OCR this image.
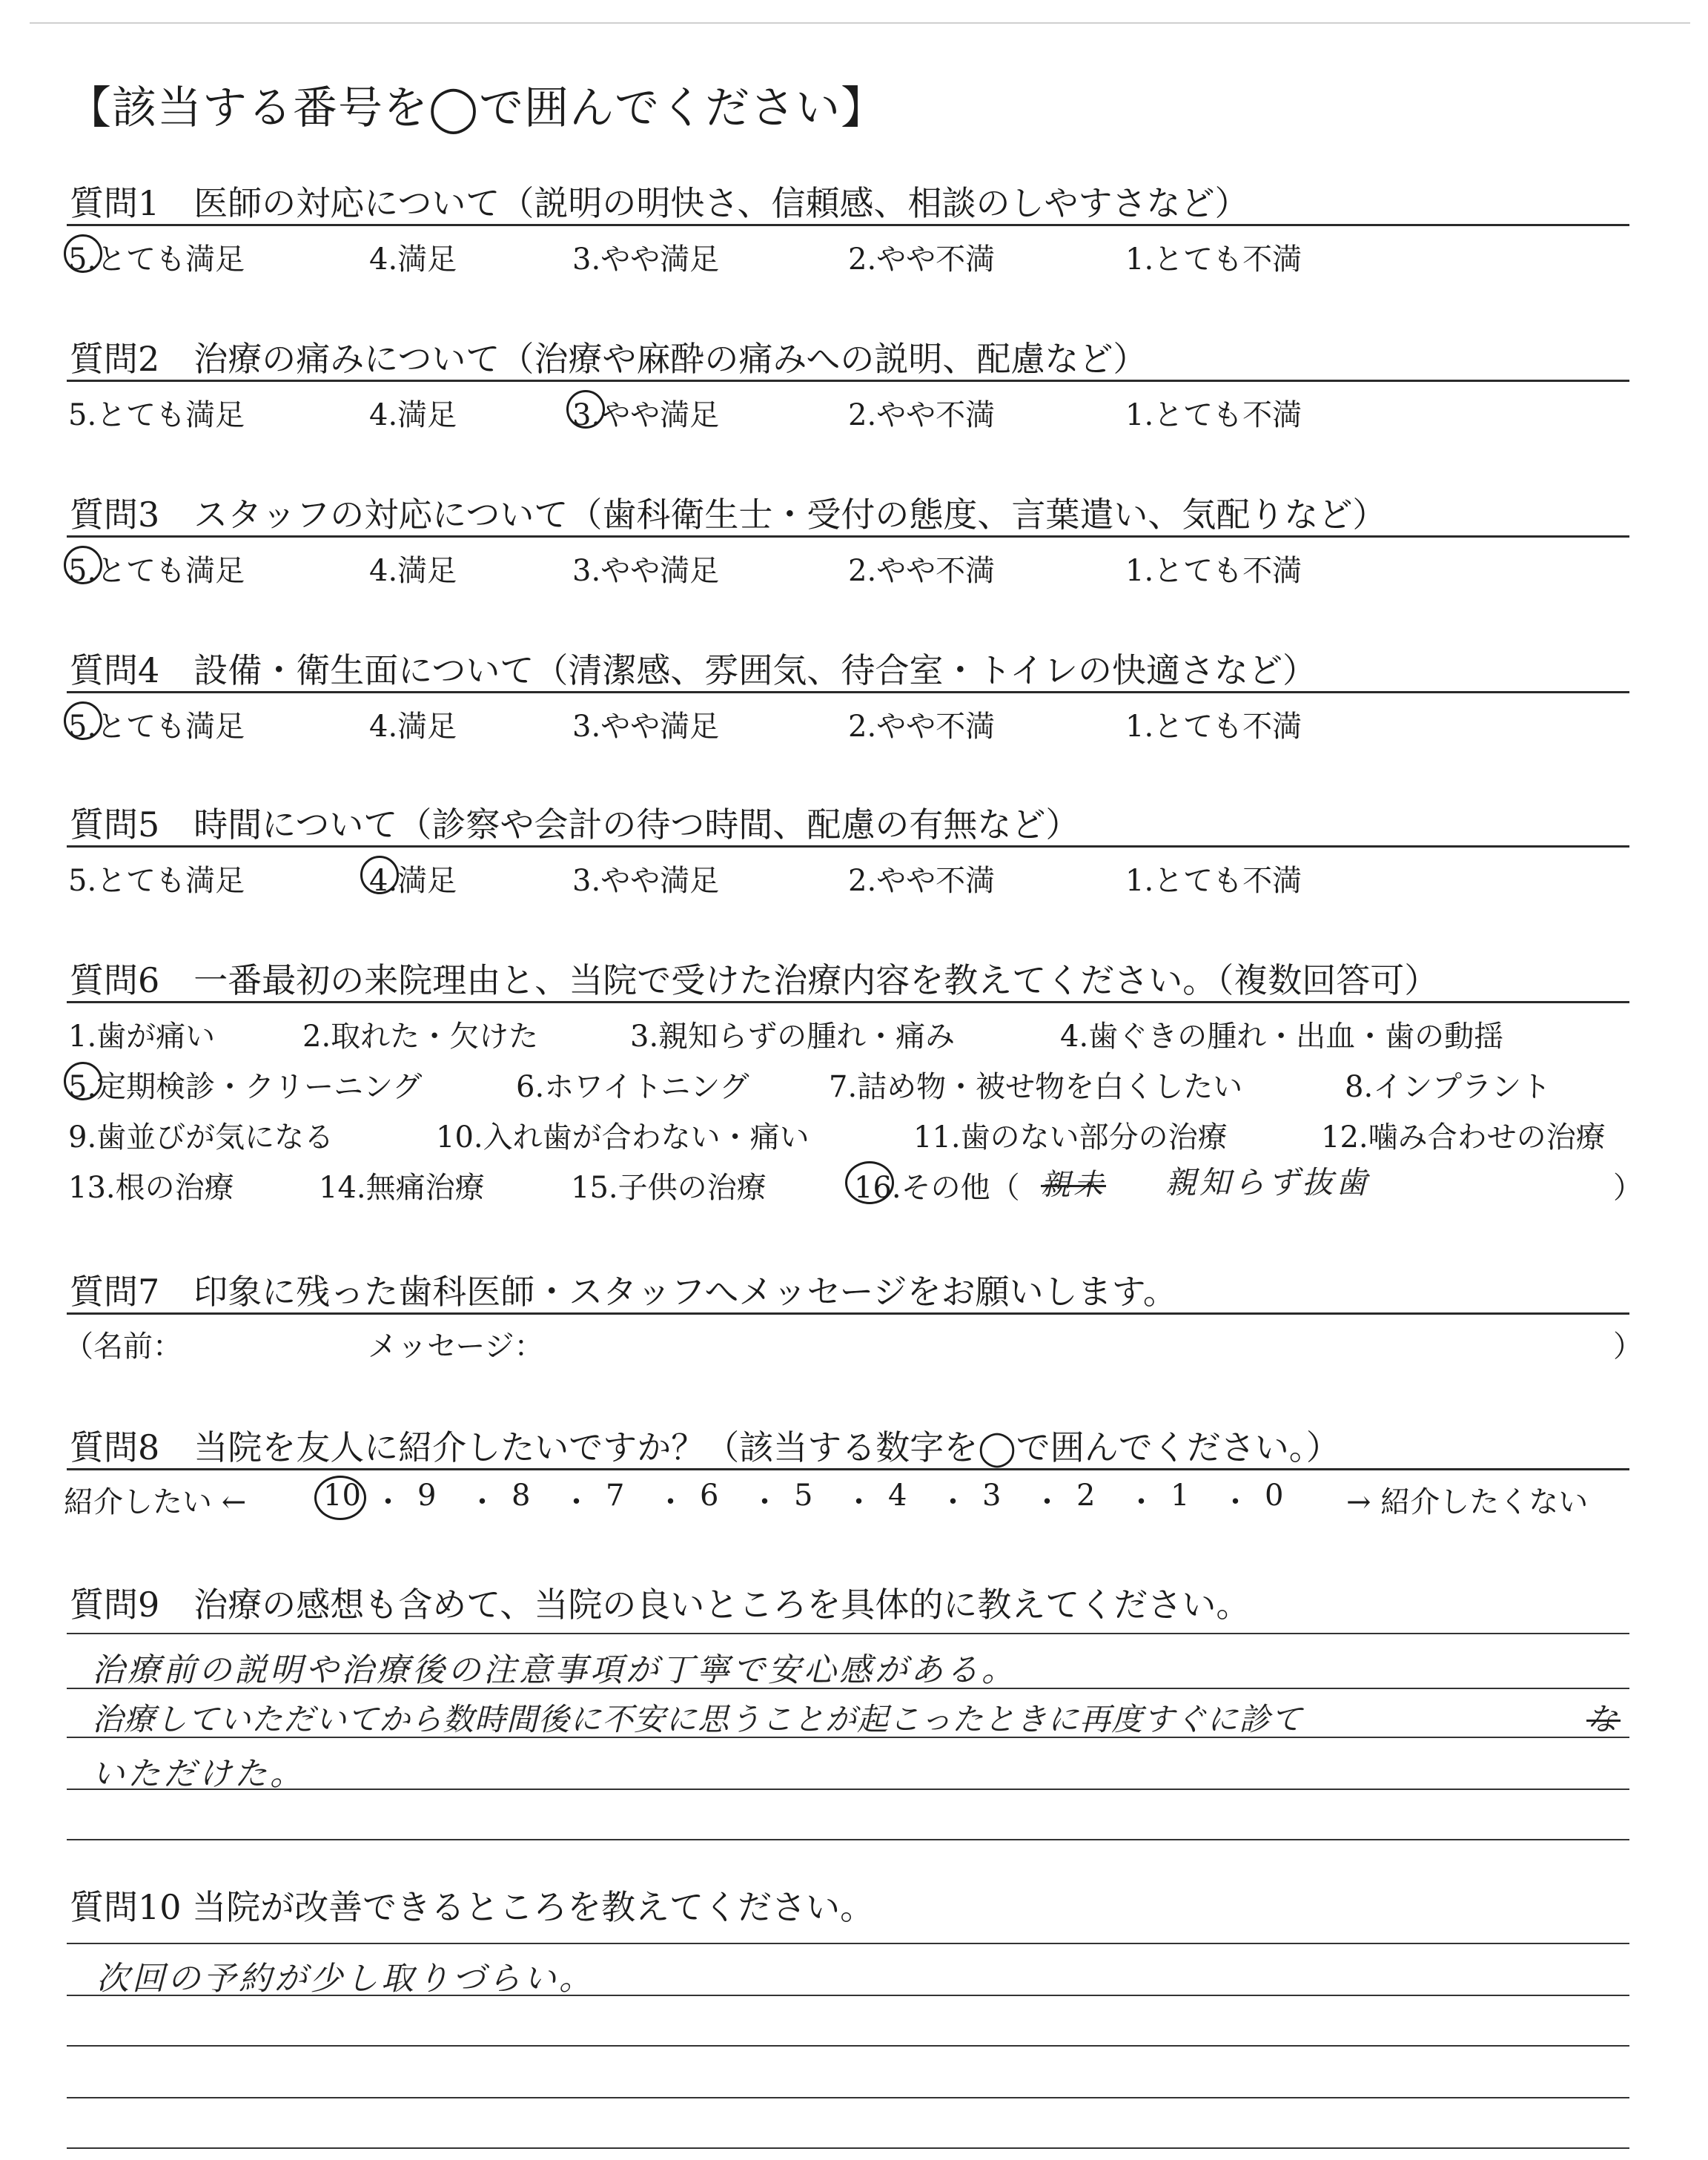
【該当する番号を◯で囲んでください】
質問1　医師の対応について（説明の明快さ、信頼感、相談のしやすさなど）
5.とても満足	4.満足	3.やや満足	2.やや不満	1.とても不満
質問2　治療の痛みについて（治療や麻酔の痛みへの説明、配慮など）
5.とても満足	4.満足	3.やや満足	2.やや不満	1.とても不満
質問3　スタッフの対応について（歯科衛生士・受付の態度、言葉遣い、気配りなど）
5.とても満足	4.満足	3.やや満足	2.やや不満	1.とても不満
質問4　設備・衛生面について（清潔感、雰囲気、待合室・トイレの快適さなど）
5.とても満足	4.満足	3.やや満足	2.やや不満	1.とても不満
質問5　時間について（診察や会計の待つ時間、配慮の有無など）
5.とても満足	4.満足	3.やや満足	2.やや不満	1.とても不満
質問6　一番最初の来院理由と、当院で受けた治療内容を教えてください。（複数回答可）
1.歯が痛い	2.取れた・欠けた	3.親知らずの腫れ・痛み	4.歯ぐきの腫れ・出血・歯の動揺
5.定期検診・クリーニング	6.ホワイトニング	7.詰め物・被せ物を白くしたい	8.インプラント
9.歯並びが気になる	10.入れ歯が合わない・痛い	11.歯のない部分の治療	12.噛み合わせの治療
13.根の治療	14.無痛治療	15.子供の治療	16.その他（ 親未 親知らず抜歯	）
質問7　印象に残った歯科医師・スタッフへメッセージをお願いします。
（名前：	メッセージ：	）
質問8　当院を友人に紹介したいですか？（該当する数字を◯で囲んでください。）
紹介したい ←	10 ・ 9 ・ 8 ・ 7 ・ 6 ・ 5 ・ 4 ・ 3 ・ 2 ・ 1 ・ 0 → 紹介したくない
質問9　治療の感想も含めて、当院の良いところを具体的に教えてください。
治療前の説明や治療後の注意事項が丁寧で安心感がある。
治療していただいてから数時間後に不安に思うことが起こったときに再度すぐに診て	な
いただけた。
質問10 当院が改善できるところを教えてください。
次回の予約が少し取りづらい。
